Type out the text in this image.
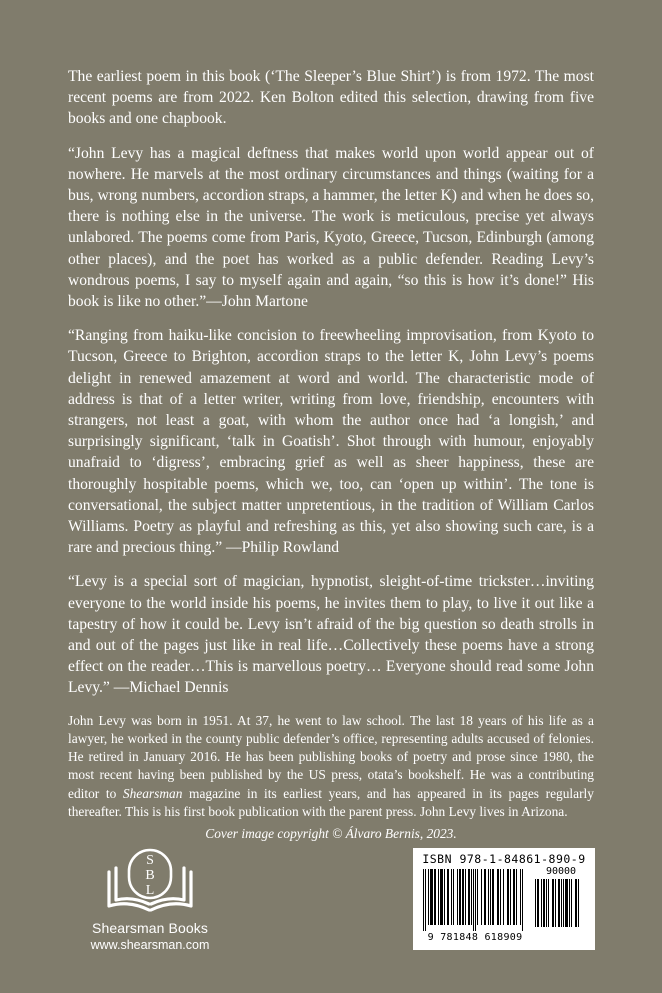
The earliest poem in this book (‘The Sleeper’s Blue Shirt’) is from 1972. The most recent poems are from 2022. Ken Bolton edited this selection, drawing from five books and one chapbook.

“John Levy has a magical deftness that makes world upon world appear out of nowhere. He marvels at the most ordinary circumstances and things (waiting for a bus, wrong numbers, accordion straps, a hammer, the letter K) and when he does so, there is nothing else in the universe. The work is meticulous, precise yet always unlabored. The poems come from Paris, Kyoto, Greece, Tucson, Edinburgh (among other places), and the poet has worked as a public defender. Reading Levy’s wondrous poems, I say to myself again and again, “so this is how it’s done!” His book is like no other.”—John Martone

“Ranging from haiku-like concision to freewheeling improvisation, from Kyoto to Tucson, Greece to Brighton, accordion straps to the letter K, John Levy’s poems delight in renewed amazement at word and world. The characteristic mode of address is that of a letter writer, writing from love, friendship, encounters with strangers, not least a goat, with whom the author once had ‘a longish,’ and surprisingly significant, ‘talk in Goatish’. Shot through with humour, enjoyably unafraid to ‘digress’, embracing grief as well as sheer happiness, these are thoroughly hospitable poems, which we, too, can ‘open up within’. The tone is conversational, the subject matter unpretentious, in the tradition of William Carlos Williams. Poetry as playful and refreshing as this, yet also showing such care, is a rare and precious thing.” —Philip Rowland

“Levy is a special sort of magician, hypnotist, sleight-of-time trickster…inviting everyone to the world inside his poems, he invites them to play, to live it out like a tapestry of how it could be. Levy isn’t afraid of the big question so death strolls in and out of the pages just like in real life…Collectively these poems have a strong effect on the reader…This is marvellous poetry… Everyone should read some John Levy.” —Michael Dennis

John Levy was born in 1951. At 37, he went to law school. The last 18 years of his life as a lawyer, he worked in the county public defender’s office, representing adults accused of felonies. He retired in January 2016. He has been publishing books of poetry and prose since 1980, the most recent having been published by the US press, otata’s bookshelf. He was a contributing editor to Shearsman magazine in its earliest years, and has appeared in its pages regularly thereafter. This is his first book publication with the parent press. John Levy lives in Arizona.

Cover image copyright © Álvaro Bernis, 2023.
S
B
L
Shearsman Books
www.shearsman.com
ISBN 978-1-84861-890-9
90000
9 781848 618909
